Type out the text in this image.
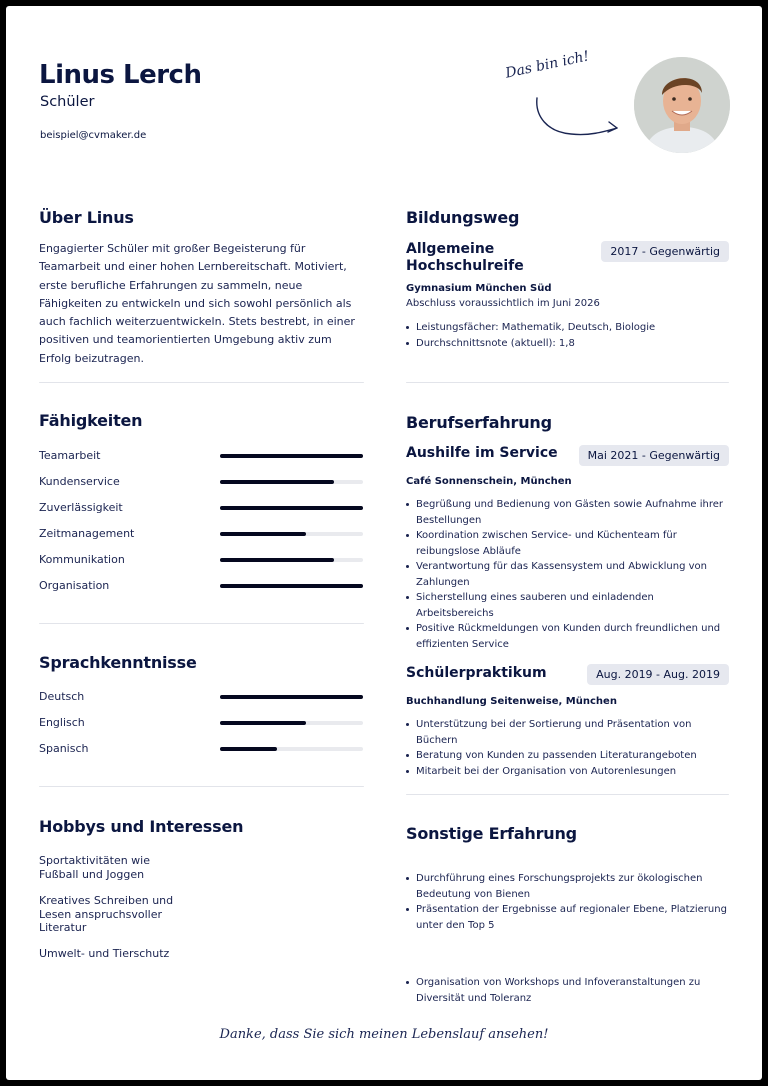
Linus Lerch
Schüler
beispiel@cvmaker.de
Das bin ich!
Über Linus
Engagierter Schüler mit großer Begeisterung für Teamarbeit und einer hohen Lernbereitschaft. Motiviert, erste berufliche Erfahrungen zu sammeln, neue Fähigkeiten zu entwickeln und sich sowohl persönlich als auch fachlich weiterzuentwickeln. Stets bestrebt, in einer positiven und teamorientierten Umgebung aktiv zum Erfolg beizutragen.
Fähigkeiten
Teamarbeit
Kundenservice
Zuverlässigkeit
Zeitmanagement
Kommunikation
Organisation
Sprachkenntnisse
Deutsch
Englisch
Spanisch
Hobbys und Interessen
Sportaktivitäten wie Fußball und Joggen
Kreatives Schreiben und Lesen anspruchsvoller Literatur
Umwelt- und Tierschutz
Bildungsweg
Allgemeine Hochschulreife
2017 - Gegenwärtig
Gymnasium München Süd
Abschluss voraussichtlich im Juni 2026
Leistungsfächer: Mathematik, Deutsch, Biologie
Durchschnittsnote (aktuell): 1,8
Berufserfahrung
Aushilfe im Service	Mai 2021 - Gegenwärtig
Café Sonnenschein, München
Begrüßung und Bedienung von Gästen sowie Aufnahme ihrer Bestellungen
Koordination zwischen Service- und Küchenteam für reibungslose Abläufe
Verantwortung für das Kassensystem und Abwicklung von Zahlungen
Sicherstellung eines sauberen und einladenden Arbeitsbereichs
Positive Rückmeldungen von Kunden durch freundlichen und effizienten Service
Schülerpraktikum	Aug. 2019 - Aug. 2019
Buchhandlung Seitenweise, München
Unterstützung bei der Sortierung und Präsentation von Büchern
Beratung von Kunden zu passenden Literaturangeboten
Mitarbeit bei der Organisation von Autorenlesungen
Sonstige Erfahrung
Durchführung eines Forschungsprojekts zur ökologischen Bedeutung von Bienen
Präsentation der Ergebnisse auf regionaler Ebene, Platzierung unter den Top 5
Organisation von Workshops und Infoveranstaltungen zu Diversität und Toleranz
Danke, dass Sie sich meinen Lebenslauf ansehen!
